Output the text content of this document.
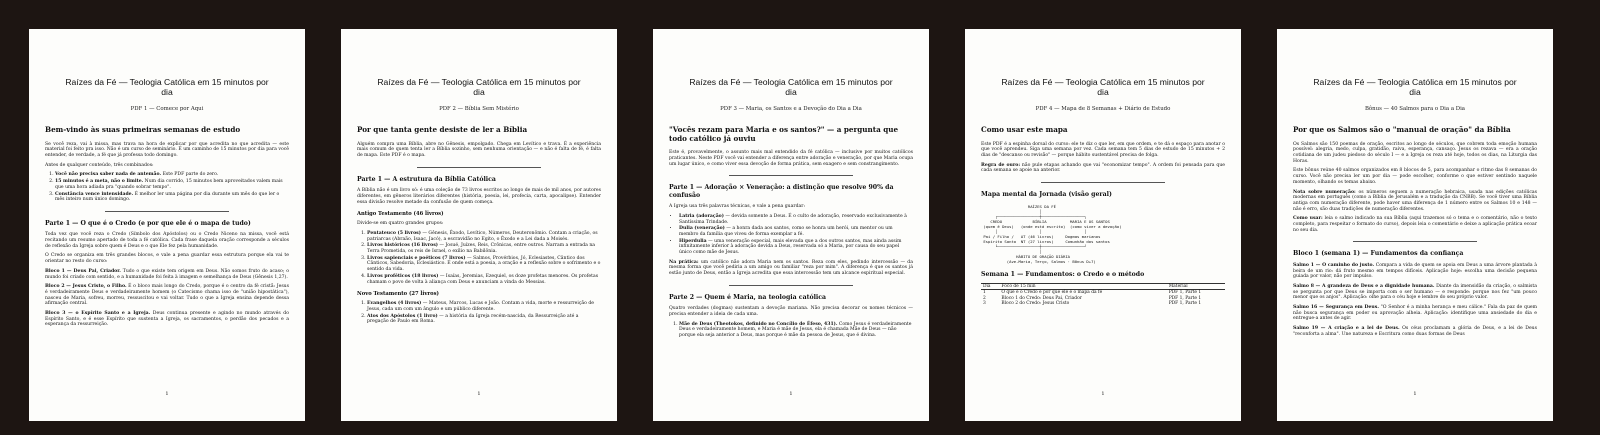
Raízes da Fé — Teologia Católica em 15 minutos por dia
PDF 1 — Comece por Aqui
Bem-vindo às suas primeiras semanas de estudo
Se você reza, vai à missa, mas trava na hora de explicar por que acredita no que acredita — este material foi feito pra isso. Não é um curso de seminário. É um caminho de 15 minutos por dia para você entender, de verdade, a fé que já professa todo domingo.
Antes de qualquer conteúdo, três combinados:
1. Você não precisa saber nada de antemão. Este PDF parte do zero.
2. 15 minutos é a meta, não o limite. Num dia corrido, 15 minutos bem aproveitados valem mais que uma hora adiada pra "quando sobrar tempo".
3. Constância vence intensidade. É melhor ler uma página por dia durante um mês do que ler o mês inteiro num único domingo.
Parte 1 — O que é o Credo (e por que ele é o mapa de tudo)
Toda vez que você reza o Credo (Símbolo dos Apóstolos) ou o Credo Niceno na missa, você está recitando um resumo apertado de toda a fé católica. Cada frase daquela oração corresponde a séculos de reflexão da Igreja sobre quem é Deus e o que Ele fez pela humanidade.
O Credo se organiza em três grandes blocos, e vale a pena guardar essa estrutura porque ela vai te orientar no resto do curso:
Bloco 1 — Deus Pai, Criador. Tudo o que existe tem origem em Deus. Não somos fruto do acaso; o mundo foi criado com sentido, e a humanidade foi feita à imagem e semelhança de Deus (Gênesis 1,27).
Bloco 2 — Jesus Cristo, o Filho. É o bloco mais longo do Credo, porque é o centro da fé cristã: Jesus é verdadeiramente Deus e verdadeiramente homem (o Catecismo chama isso de "união hipostática"), nasceu de Maria, sofreu, morreu, ressuscitou e vai voltar. Tudo o que a Igreja ensina depende dessa afirmação central.
Bloco 3 — o Espírito Santo e a Igreja. Deus continua presente e agindo no mundo através do Espírito Santo, e é esse Espírito que sustenta a Igreja, os sacramentos, o perdão dos pecados e a esperança da ressurreição.
1
Raízes da Fé — Teologia Católica em 15 minutos por dia
PDF 2 — Bíblia Sem Mistério
Por que tanta gente desiste de ler a Bíblia
Alguém compra uma Bíblia, abre no Gênesis, empolgado. Chega em Levítico e trava. É a experiência mais comum de quem tenta ler a Bíblia sozinho, sem nenhuma orientação — e não é falta de fé, é falta de mapa. Este PDF é o mapa.
Parte 1 — A estrutura da Bíblia Católica
A Bíblia não é um livro só: é uma coleção de 73 livros escritos ao longo de mais de mil anos, por autores diferentes, em gêneros literários diferentes (história, poesia, lei, profecia, carta, apocalipse). Entender essa divisão resolve metade da confusão de quem começa.
Antigo Testamento (46 livros)
Divide-se em quatro grandes grupos:
1. Pentateuco (5 livros) — Gênesis, Êxodo, Levítico, Números, Deuteronômio. Contam a criação, os patriarcas (Abraão, Isaac, Jacó), a escravidão no Egito, o Êxodo e a Lei dada a Moisés.
2. Livros históricos (16 livros) — Josué, Juízes, Reis, Crônicas, entre outros. Narram a entrada na Terra Prometida, os reis de Israel, o exílio na Babilônia.
3. Livros sapienciais e poéticos (7 livros) — Salmos, Provérbios, Jó, Eclesiastes, Cântico dos Cânticos, Sabedoria, Eclesiástico. É onde está a poesia, a oração e a reflexão sobre o sofrimento e o sentido da vida.
4. Livros proféticos (18 livros) — Isaías, Jeremias, Ezequiel, os doze profetas menores. Os profetas chamam o povo de volta à aliança com Deus e anunciam a vinda do Messias.
Novo Testamento (27 livros)
1. Evangelhos (4 livros) — Mateus, Marcos, Lucas e João. Contam a vida, morte e ressurreição de Jesus, cada um com um ângulo e um público diferente.
2. Atos dos Apóstolos (1 livro) — a história da Igreja recém-nascida, da Ressurreição até a pregação de Paulo em Roma.
1
Raízes da Fé — Teologia Católica em 15 minutos por dia
PDF 3 — Maria, os Santos e a Devoção do Dia a Dia
"Vocês rezam para Maria e os santos?" — a pergunta que todo católico já ouviu
Este é, provavelmente, o assunto mais mal entendido da fé católica — inclusive por muitos católicos praticantes. Neste PDF você vai entender a diferença entre adoração e veneração, por que Maria ocupa um lugar único, e como viver essa devoção de forma prática, sem exagero e sem constrangimento.
Parte 1 — Adoração × Veneração: a distinção que resolve 90% da confusão
A Igreja usa três palavras técnicas, e vale a pena guardar:
• Latria (adoração) — devida somente a Deus. É o culto de adoração, reservado exclusivamente à Santíssima Trindade.
• Dulia (veneração) — a honra dada aos santos, como se honra um herói, um mentor ou um membro da família que viveu de forma exemplar a fé.
• Hiperdulia — uma veneração especial, mais elevada que a dos outros santos, mas ainda assim infinitamente inferior à adoração devida a Deus, reservada só a Maria, por causa do seu papel único como mãe de Jesus.
Na prática: um católico não adora Maria nem os santos. Reza com eles, pedindo intercessão — da mesma forma que você pediria a um amigo ou familiar "reza por mim". A diferença é que os santos já estão junto de Deus, então a Igreja acredita que essa intercessão tem um alcance espiritual especial.
Parte 2 — Quem é Maria, na teologia católica
Quatro verdades (dogmas) sustentam a devoção mariana. Não precisa decorar os nomes técnicos — precisa entender a ideia de cada uma.
1. Mãe de Deus (Theotokos, definido no Concílio de Éfeso, 431). Como Jesus é verdadeiramente Deus e verdadeiramente homem, e Maria é mãe de Jesus, ela é chamada Mãe de Deus — não porque ela seja anterior a Deus, mas porque é mãe da pessoa de Jesus, que é divina.
1
Raízes da Fé — Teologia Católica em 15 minutos por dia
PDF 4 — Mapa de 8 Semanas + Diário de Estudo
Como usar este mapa
Este PDF é a espinha dorsal do curso: ele te diz o que ler, em que ordem, e te dá o espaço para anotar o que você aprendeu. Siga uma semana por vez. Cada semana tem 5 dias de estudo de 15 minutos + 2 dias de "descanso ou revisão" — porque hábito sustentável precisa de folga.
Regra de ouro: não pule etapas achando que vai "economizar tempo". A ordem foi pensada para que cada semana se apoie na anterior.
Mapa mental da Jornada (visão geral)
RAÍZES DA FÉ
│
┌──────────────────┼──────────────────┐
CREDO             BÍBLIA          MARIA E OS SANTOS
(quem é Deus)   (onde está escrito)  (como viver a devoção)
│                  │                  │
Pai / Filho /   AT (46 livros)     Dogmas marianos
Espírito Santo  NT (27 livros)     Comunhão dos santos
└──────────────────┼──────────────────┘
│
HÁBITO DE ORAÇÃO DIÁRIA
(Ave-Maria, Terço, Salmos · Bônus D+7)
Semana 1 — Fundamentos: o Credo e o método
Dia	Foco de 15 min	Material
1	O que é o Credo e por que ele é o mapa da fé	PDF 1, Parte 1
2	Bloco 1 do Credo: Deus Pai, Criador	PDF 1, Parte 1
3	Bloco 2 do Credo: Jesus Cristo	PDF 1, Parte 1
1
Raízes da Fé — Teologia Católica em 15 minutos por dia
Bônus — 40 Salmos para o Dia a Dia
Por que os Salmos são o "manual de oração" da Bíblia
Os Salmos são 150 poemas de oração, escritos ao longo de séculos, que cobrem toda emoção humana possível: alegria, medo, culpa, gratidão, raiva, esperança, cansaço. Jesus os rezava — era a oração cotidiana de um judeu piedoso do século I — e a Igreja os reza até hoje, todos os dias, na Liturgia das Horas.
Este bônus reúne 40 salmos organizados em 8 blocos de 5, para acompanhar o ritmo das 8 semanas do curso. Você não precisa ler um por dia — pode escolher, conforme o que estiver sentindo naquele momento, olhando os temas abaixo.
Nota sobre numeração: os números seguem a numeração hebraica, usada nas edições católicas modernas em português (como a Bíblia de Jerusalém e a tradução da CNBB). Se você tiver uma Bíblia antiga com numeração diferente, pode haver uma diferença de 1 número entre os Salmos 10 e 148 — não é erro, são duas tradições de numeração diferentes.
Como usar: leia o salmo indicado na sua Bíblia (aqui trazemos só o tema e o comentário, não o texto completo, para respeitar o formato do curso), depois leia o comentário e deixe a aplicação prática ecoar no seu dia.
Bloco 1 (semana 1) — Fundamentos da confiança
Salmo 1 — O caminho do justo. Compara a vida de quem se apoia em Deus a uma árvore plantada à beira de um rio: dá fruto mesmo em tempos difíceis. Aplicação hoje: escolha uma decisão pequena guiada por valor, não por impulso.
Salmo 8 — A grandeza de Deus e a dignidade humana. Diante da imensidão da criação, o salmista se pergunta por que Deus se importa com o ser humano — e responde: porque nos fez "um pouco menor que os anjos". Aplicação: olhe para o céu hoje e lembre do seu próprio valor.
Salmo 16 — Segurança em Deus. "O Senhor é a minha herança e meu cálice." Fala da paz de quem não busca segurança em poder ou aprovação alheia. Aplicação: identifique uma ansiedade do dia e entregue-a antes de agir.
Salmo 19 — A criação e a lei de Deus. Os céus proclamam a glória de Deus, e a lei de Deus "reconforta a alma". Une natureza e Escritura como duas formas de Deus
1
